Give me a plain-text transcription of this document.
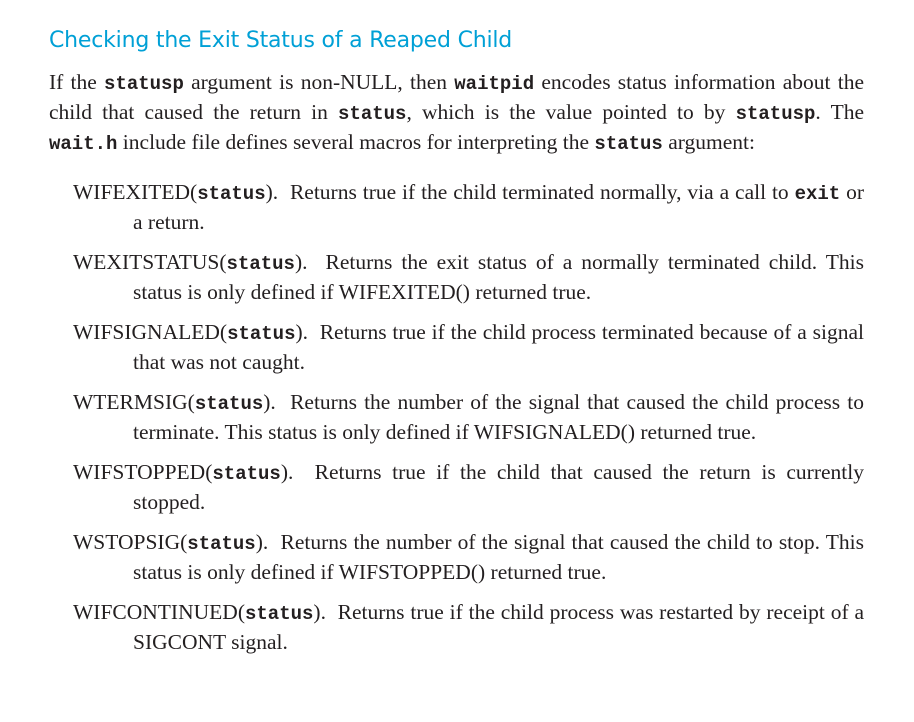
Checking the Exit Status of a Reaped Child

If the statusp argument is non-NULL, then waitpid encodes status information about the child that caused the return in status, which is the value pointed to by statusp. The wait.h include file defines several macros for interpreting the status argument:

WIFEXITED(status).  Returns true if the child terminated normally, via a call to exit or a return.
WEXITSTATUS(status).  Returns the exit status of a normally terminated child. This status is only defined if WIFEXITED() returned true.
WIFSIGNALED(status).  Returns true if the child process terminated because of a signal that was not caught.
WTERMSIG(status).  Returns the number of the signal that caused the child process to terminate. This status is only defined if WIFSIGNALED() returned true.
WIFSTOPPED(status).  Returns true if the child that caused the return is currently stopped.
WSTOPSIG(status).  Returns the number of the signal that caused the child to stop. This status is only defined if WIFSTOPPED() returned true.
WIFCONTINUED(status).  Returns true if the child process was restarted by receipt of a SIGCONT signal.
